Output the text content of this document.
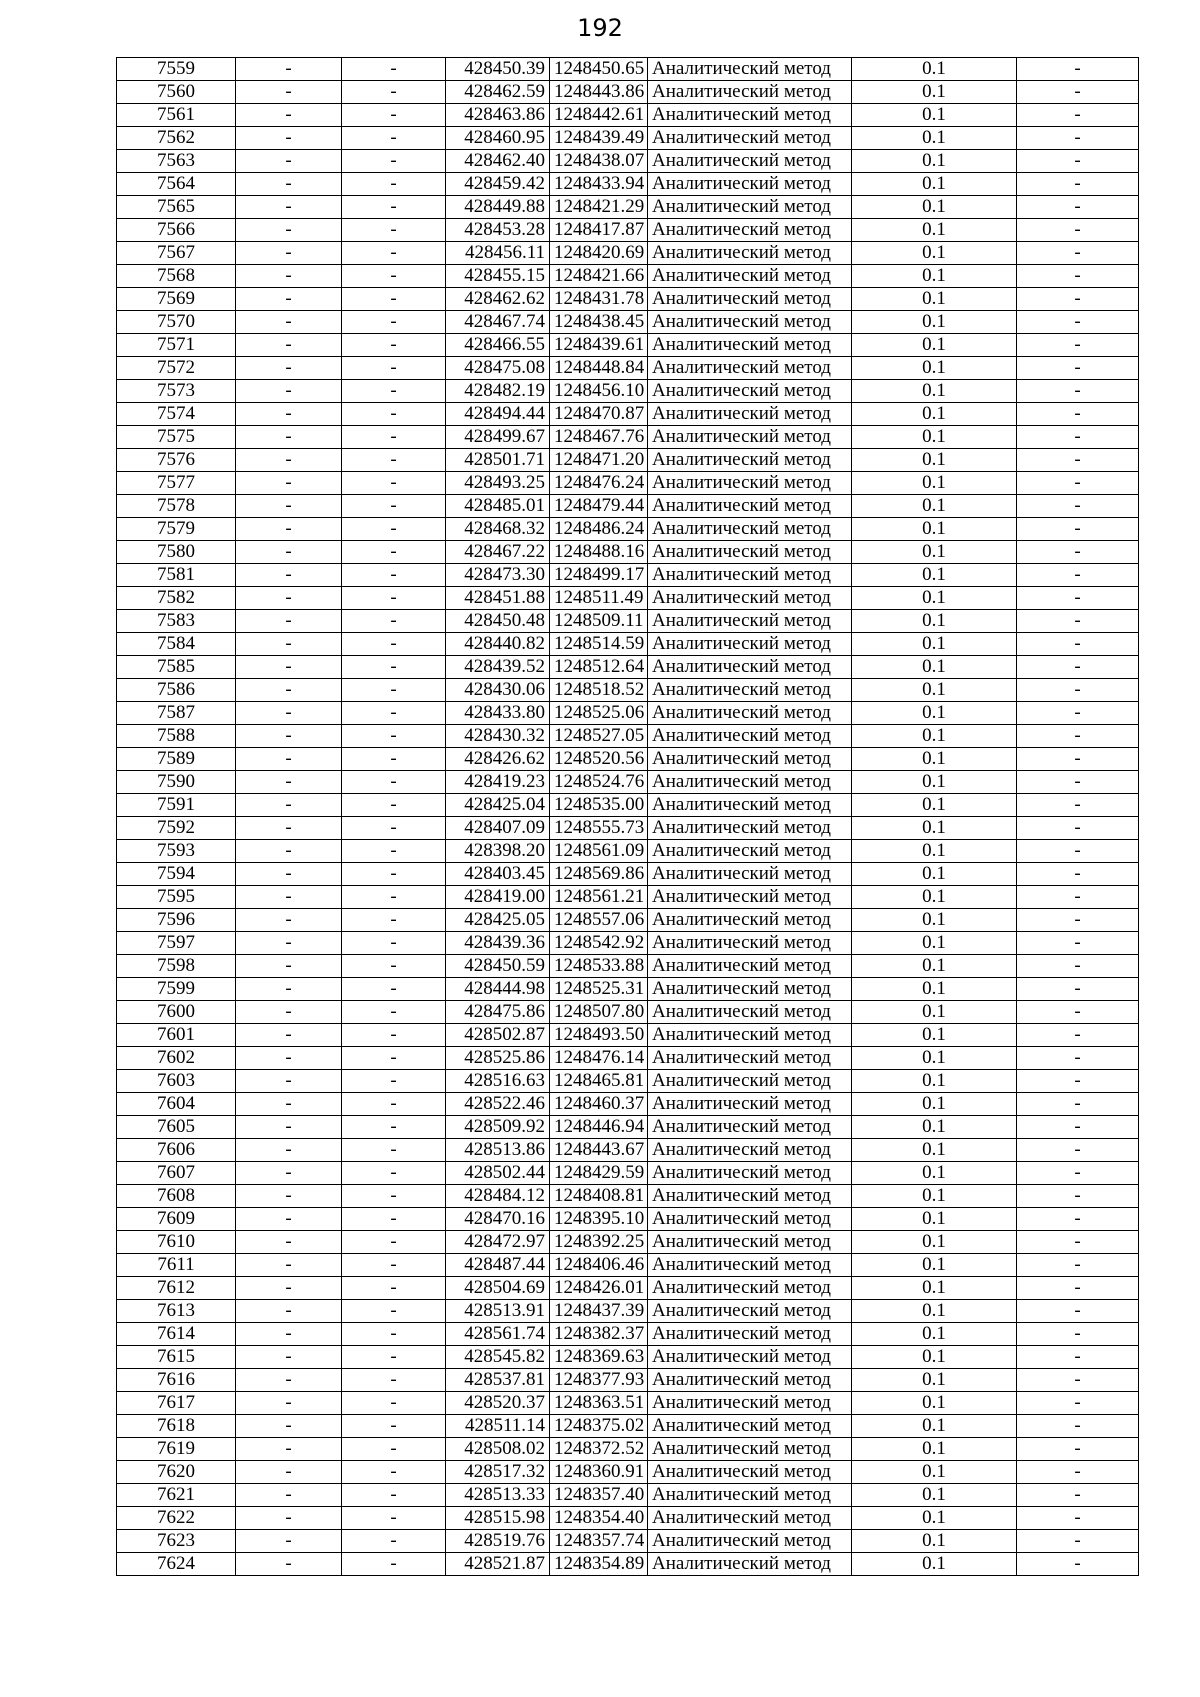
192
7559	-	-	428450.39	1248450.65	Аналитический метод	0.1	-
7560	-	-	428462.59	1248443.86	Аналитический метод	0.1	-
7561	-	-	428463.86	1248442.61	Аналитический метод	0.1	-
7562	-	-	428460.95	1248439.49	Аналитический метод	0.1	-
7563	-	-	428462.40	1248438.07	Аналитический метод	0.1	-
7564	-	-	428459.42	1248433.94	Аналитический метод	0.1	-
7565	-	-	428449.88	1248421.29	Аналитический метод	0.1	-
7566	-	-	428453.28	1248417.87	Аналитический метод	0.1	-
7567	-	-	428456.11	1248420.69	Аналитический метод	0.1	-
7568	-	-	428455.15	1248421.66	Аналитический метод	0.1	-
7569	-	-	428462.62	1248431.78	Аналитический метод	0.1	-
7570	-	-	428467.74	1248438.45	Аналитический метод	0.1	-
7571	-	-	428466.55	1248439.61	Аналитический метод	0.1	-
7572	-	-	428475.08	1248448.84	Аналитический метод	0.1	-
7573	-	-	428482.19	1248456.10	Аналитический метод	0.1	-
7574	-	-	428494.44	1248470.87	Аналитический метод	0.1	-
7575	-	-	428499.67	1248467.76	Аналитический метод	0.1	-
7576	-	-	428501.71	1248471.20	Аналитический метод	0.1	-
7577	-	-	428493.25	1248476.24	Аналитический метод	0.1	-
7578	-	-	428485.01	1248479.44	Аналитический метод	0.1	-
7579	-	-	428468.32	1248486.24	Аналитический метод	0.1	-
7580	-	-	428467.22	1248488.16	Аналитический метод	0.1	-
7581	-	-	428473.30	1248499.17	Аналитический метод	0.1	-
7582	-	-	428451.88	1248511.49	Аналитический метод	0.1	-
7583	-	-	428450.48	1248509.11	Аналитический метод	0.1	-
7584	-	-	428440.82	1248514.59	Аналитический метод	0.1	-
7585	-	-	428439.52	1248512.64	Аналитический метод	0.1	-
7586	-	-	428430.06	1248518.52	Аналитический метод	0.1	-
7587	-	-	428433.80	1248525.06	Аналитический метод	0.1	-
7588	-	-	428430.32	1248527.05	Аналитический метод	0.1	-
7589	-	-	428426.62	1248520.56	Аналитический метод	0.1	-
7590	-	-	428419.23	1248524.76	Аналитический метод	0.1	-
7591	-	-	428425.04	1248535.00	Аналитический метод	0.1	-
7592	-	-	428407.09	1248555.73	Аналитический метод	0.1	-
7593	-	-	428398.20	1248561.09	Аналитический метод	0.1	-
7594	-	-	428403.45	1248569.86	Аналитический метод	0.1	-
7595	-	-	428419.00	1248561.21	Аналитический метод	0.1	-
7596	-	-	428425.05	1248557.06	Аналитический метод	0.1	-
7597	-	-	428439.36	1248542.92	Аналитический метод	0.1	-
7598	-	-	428450.59	1248533.88	Аналитический метод	0.1	-
7599	-	-	428444.98	1248525.31	Аналитический метод	0.1	-
7600	-	-	428475.86	1248507.80	Аналитический метод	0.1	-
7601	-	-	428502.87	1248493.50	Аналитический метод	0.1	-
7602	-	-	428525.86	1248476.14	Аналитический метод	0.1	-
7603	-	-	428516.63	1248465.81	Аналитический метод	0.1	-
7604	-	-	428522.46	1248460.37	Аналитический метод	0.1	-
7605	-	-	428509.92	1248446.94	Аналитический метод	0.1	-
7606	-	-	428513.86	1248443.67	Аналитический метод	0.1	-
7607	-	-	428502.44	1248429.59	Аналитический метод	0.1	-
7608	-	-	428484.12	1248408.81	Аналитический метод	0.1	-
7609	-	-	428470.16	1248395.10	Аналитический метод	0.1	-
7610	-	-	428472.97	1248392.25	Аналитический метод	0.1	-
7611	-	-	428487.44	1248406.46	Аналитический метод	0.1	-
7612	-	-	428504.69	1248426.01	Аналитический метод	0.1	-
7613	-	-	428513.91	1248437.39	Аналитический метод	0.1	-
7614	-	-	428561.74	1248382.37	Аналитический метод	0.1	-
7615	-	-	428545.82	1248369.63	Аналитический метод	0.1	-
7616	-	-	428537.81	1248377.93	Аналитический метод	0.1	-
7617	-	-	428520.37	1248363.51	Аналитический метод	0.1	-
7618	-	-	428511.14	1248375.02	Аналитический метод	0.1	-
7619	-	-	428508.02	1248372.52	Аналитический метод	0.1	-
7620	-	-	428517.32	1248360.91	Аналитический метод	0.1	-
7621	-	-	428513.33	1248357.40	Аналитический метод	0.1	-
7622	-	-	428515.98	1248354.40	Аналитический метод	0.1	-
7623	-	-	428519.76	1248357.74	Аналитический метод	0.1	-
7624	-	-	428521.87	1248354.89	Аналитический метод	0.1	-
